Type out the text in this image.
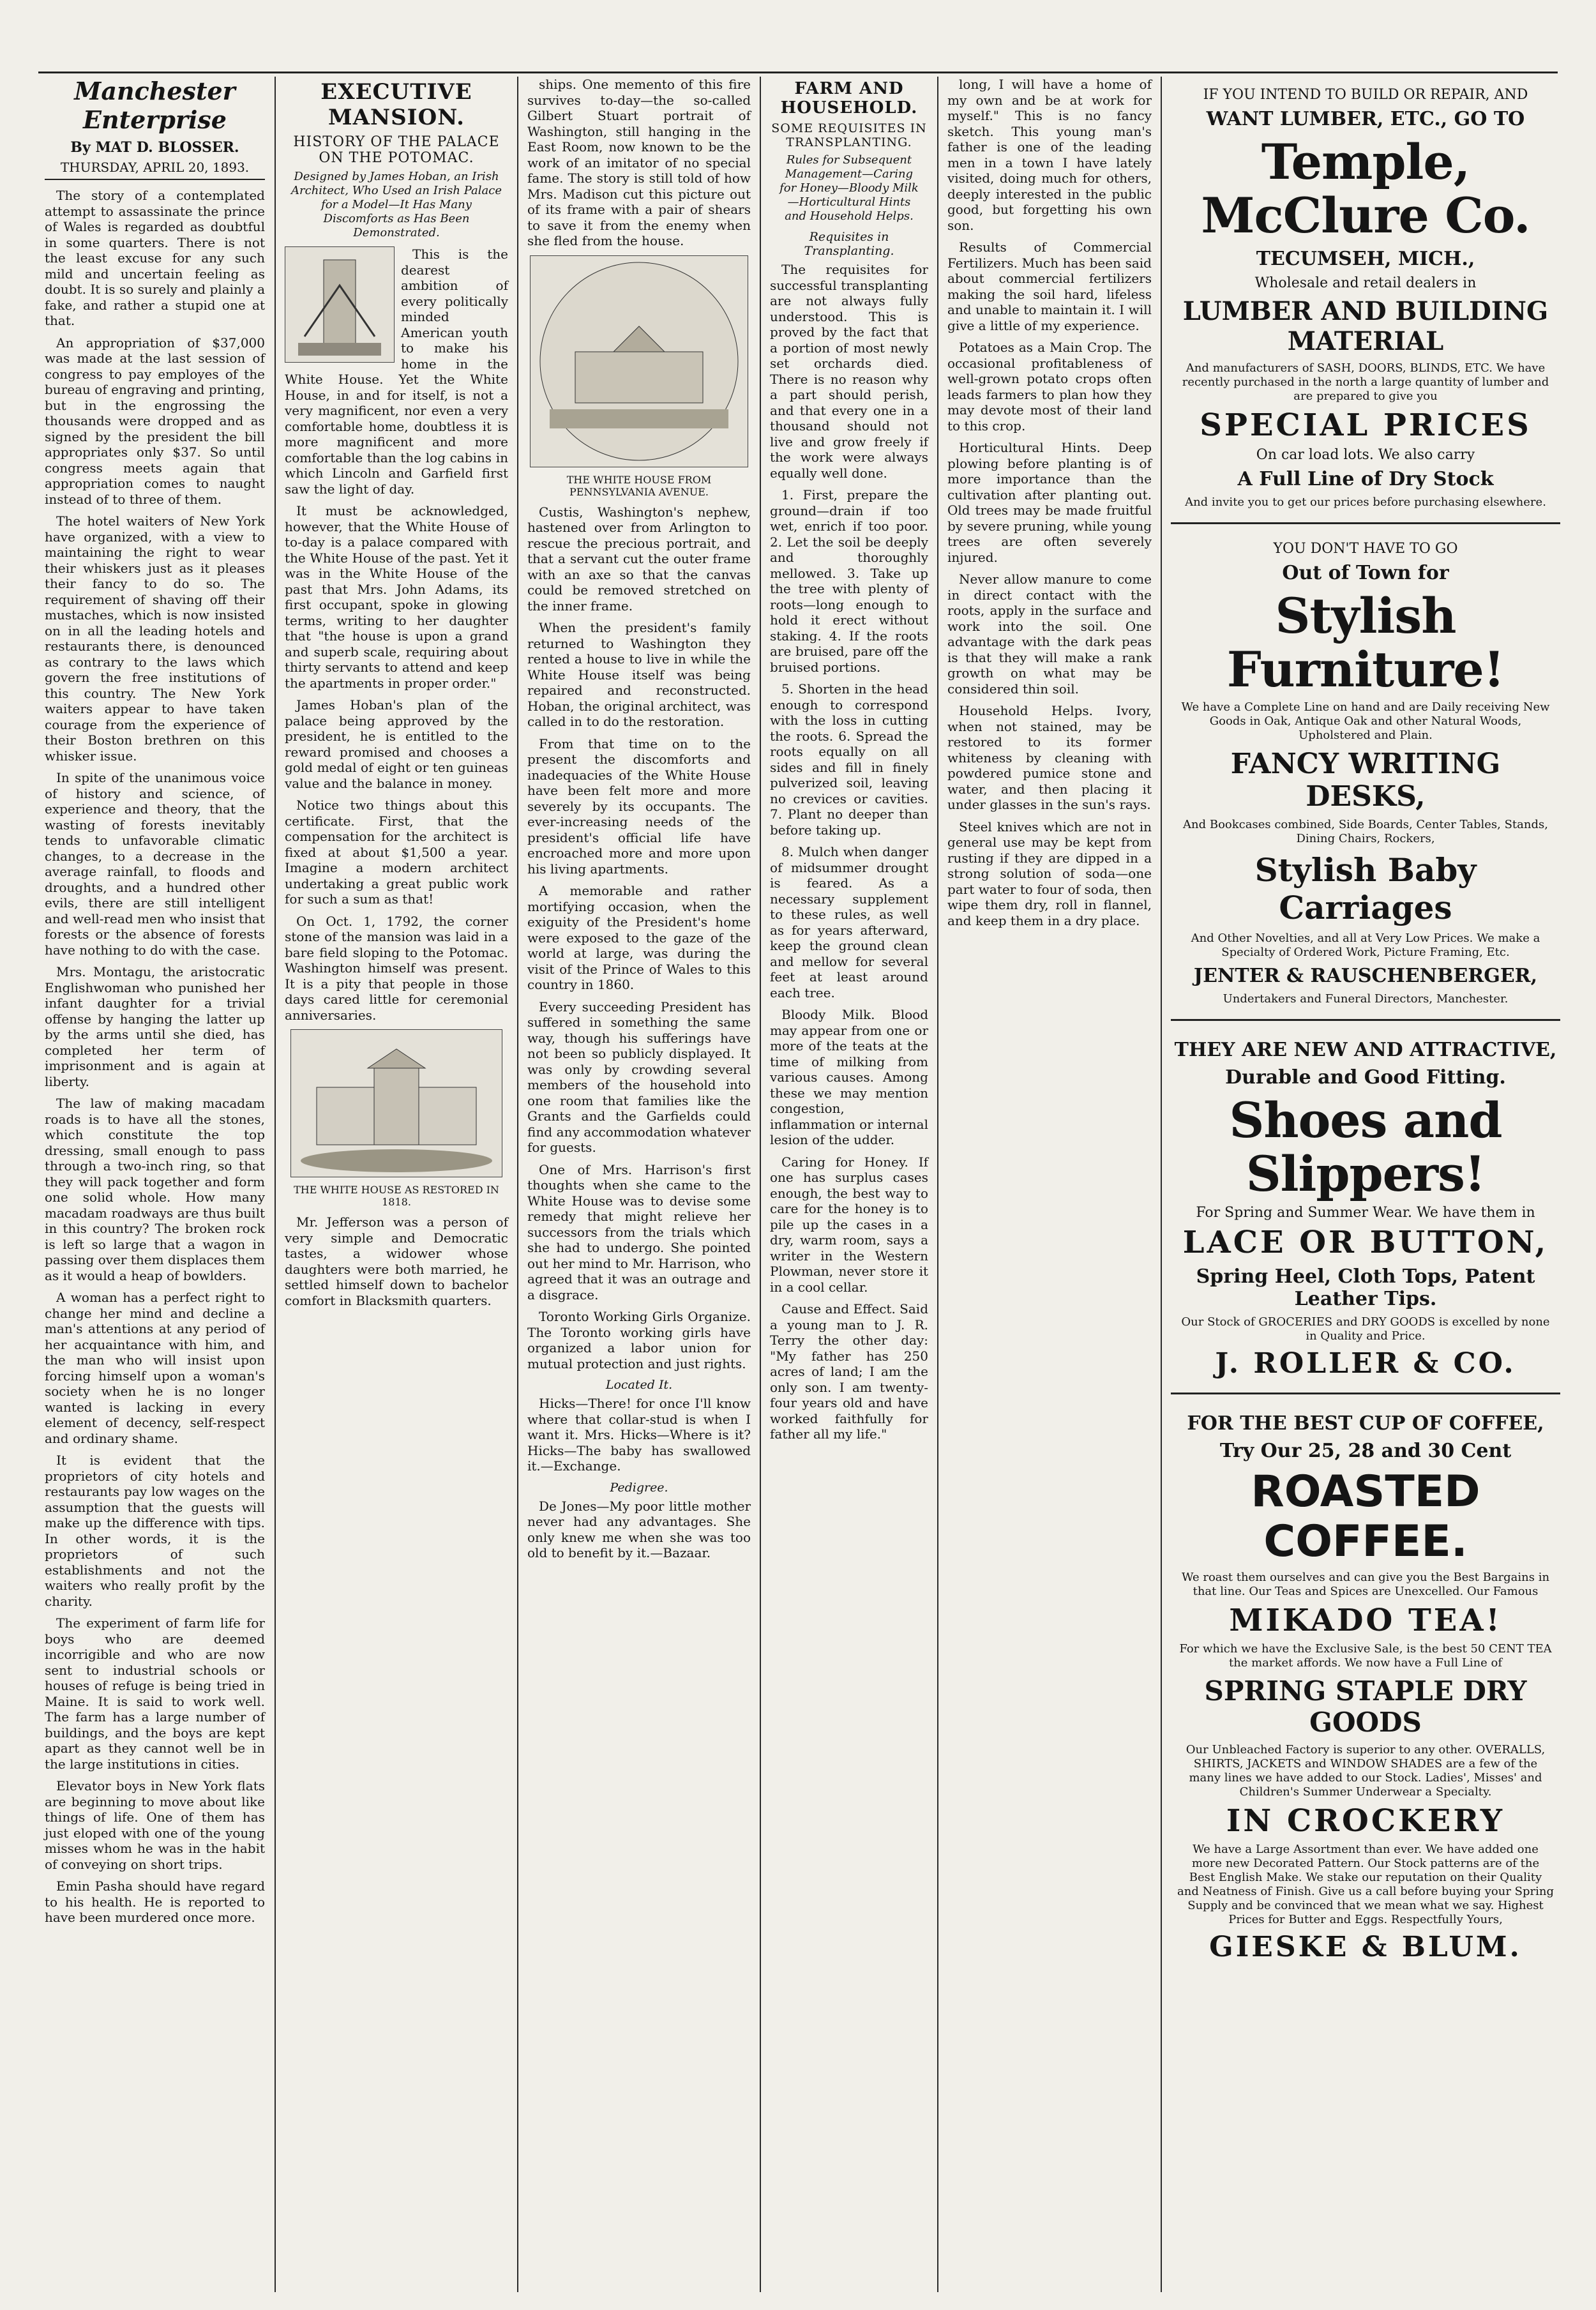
Manchester Enterprise
By MAT D. BLOSSER.
THURSDAY, APRIL 20, 1893.

The story of a contemplated attempt to assassinate the prince of Wales is regarded as doubtful in some quarters. There is not the least excuse for any such mild and uncertain feeling as doubt. It is so surely and plainly a fake, and rather a stupid one at that.

An appropriation of $37,000 was made at the last session of congress to pay employes of the bureau of engraving and printing, but in the engrossing the thousands were dropped and as signed by the president the bill appropriates only $37. So until congress meets again that appropriation comes to naught instead of to three of them.

The hotel waiters of New York have organized, with a view to maintaining the right to wear their whiskers just as it pleases their fancy to do so. The requirement of shaving off their mustaches, which is now insisted on in all the leading hotels and restaurants there, is denounced as contrary to the laws which govern the free institutions of this country. The New York waiters appear to have taken courage from the experience of their Boston brethren on this whisker issue.

In spite of the unanimous voice of history and science, of experience and theory, that the wasting of forests inevitably tends to unfavorable climatic changes, to a decrease in the average rainfall, to floods and droughts, and a hundred other evils, there are still intelligent and well-read men who insist that forests or the absence of forests have nothing to do with the case.

Mrs. Montagu, the aristocratic Englishwoman who punished her infant daughter for a trivial offense by hanging the latter up by the arms until she died, has completed her term of imprisonment and is again at liberty.

The law of making macadam roads is to have all the stones, which constitute the top dressing, small enough to pass through a two-inch ring, so that they will pack together and form one solid whole. How many macadam roadways are thus built in this country? The broken rock is left so large that a wagon in passing over them displaces them as it would a heap of bowlders.

A woman has a perfect right to change her mind and decline a man's attentions at any period of her acquaintance with him, and the man who will insist upon forcing himself upon a woman's society when he is no longer wanted is lacking in every element of decency, self-respect and ordinary shame.

It is evident that the proprietors of city hotels and restaurants pay low wages on the assumption that the guests will make up the difference with tips. In other words, it is the proprietors of such establishments and not the waiters who really profit by the charity.

The experiment of farm life for boys who are deemed incorrigible and who are now sent to industrial schools or houses of refuge is being tried in Maine. It is said to work well. The farm has a large number of buildings, and the boys are kept apart as they cannot well be in the large institutions in cities.

Elevator boys in New York flats are beginning to move about like things of life. One of them has just eloped with one of the young misses whom he was in the habit of conveying on short trips.

Emin Pasha should have regard to his health. He is reported to have been murdered once more.

EXECUTIVE MANSION.
HISTORY OF THE PALACE ON THE POTOMAC.
Designed by James Hoban, an Irish Architect, Who Used an Irish Palace for a Model—It Has Many Discomforts as Has Been Demonstrated.

This is the dearest ambition of every politically minded American youth to make his home in the White House. Yet the White House, in and for itself, is not a very magnificent, nor even a very comfortable home, doubtless it is more magnificent and more comfortable than the log cabins in which Lincoln and Garfield first saw the light of day.

It must be acknowledged, however, that the White House of to-day is a palace compared with the White House of the past. Yet it was in the White House of the past that Mrs. John Adams, its first occupant, spoke in glowing terms, writing to her daughter that "the house is upon a grand and superb scale, requiring about thirty servants to attend and keep the apartments in proper order."

James Hoban's plan of the palace being approved by the president, he is entitled to the reward promised and chooses a gold medal of eight or ten guineas value and the balance in money.

Notice two things about this certificate. First, that the compensation for the architect is fixed at about $1,500 a year. Imagine a modern architect undertaking a great public work for such a sum as that!

On Oct. 1, 1792, the corner stone of the mansion was laid in a bare field sloping to the Potomac. Washington himself was present. It is a pity that people in those days cared little for ceremonial anniversaries.

THE WHITE HOUSE AS RESTORED IN 1818.

Mr. Jefferson was a person of very simple and Democratic tastes, a widower whose daughters were both married, he settled himself down to bachelor comfort in Blacksmith quarters.

ships. One memento of this fire survives to-day—the so-called Gilbert Stuart portrait of Washington, still hanging in the East Room, now known to be the work of an imitator of no special fame. The story is still told of how Mrs. Madison cut this picture out of its frame with a pair of shears to save it from the enemy when she fled from the house.

THE WHITE HOUSE FROM PENNSYLVANIA AVENUE.

Custis, Washington's nephew, hastened over from Arlington to rescue the precious portrait, and that a servant cut the outer frame with an axe so that the canvas could be removed stretched on the inner frame.

When the president's family returned to Washington they rented a house to live in while the White House itself was being repaired and reconstructed. Hoban, the original architect, was called in to do the restoration.

From that time on to the present the discomforts and inadequacies of the White House have been felt more and more severely by its occupants. The ever-increasing needs of the president's official life have encroached more and more upon his living apartments.

A memorable and rather mortifying occasion, when the exiguity of the President's home were exposed to the gaze of the world at large, was during the visit of the Prince of Wales to this country in 1860.

Every succeeding President has suffered in something the same way, though his sufferings have not been so publicly displayed. It was only by crowding several members of the household into one room that families like the Grants and the Garfields could find any accommodation whatever for guests.

One of Mrs. Harrison's first thoughts when she came to the White House was to devise some remedy that might relieve her successors from the trials which she had to undergo. She pointed out her mind to Mr. Harrison, who agreed that it was an outrage and a disgrace.

Toronto Working Girls Organize. The Toronto working girls have organized a labor union for mutual protection and just rights.

Located It.

Hicks—There! for once I'll know where that collar-stud is when I want it. Mrs. Hicks—Where is it? Hicks—The baby has swallowed it.—Exchange.

Pedigree.

De Jones—My poor little mother never had any advantages. She only knew me when she was too old to benefit by it.—Bazaar.

FARM AND HOUSEHOLD.
SOME REQUISITES IN TRANSPLANTING.
Rules for Subsequent Management—Caring for Honey—Bloody Milk—Horticultural Hints and Household Helps.
Requisites in Transplanting.

The requisites for successful transplanting are not always fully understood. This is proved by the fact that a portion of most newly set orchards died. There is no reason why a part should perish, and that every one in a thousand should not live and grow freely if the work were always equally well done.

1. First, prepare the ground—drain if too wet, enrich if too poor. 2. Let the soil be deeply and thoroughly mellowed. 3. Take up the tree with plenty of roots—long enough to hold it erect without staking. 4. If the roots are bruised, pare off the bruised portions.

5. Shorten in the head enough to correspond with the loss in cutting the roots. 6. Spread the roots equally on all sides and fill in finely pulverized soil, leaving no crevices or cavities. 7. Plant no deeper than before taking up.

8. Mulch when danger of midsummer drought is feared. As a necessary supplement to these rules, as well as for years afterward, keep the ground clean and mellow for several feet at least around each tree.

Bloody Milk. Blood may appear from one or more of the teats at the time of milking from various causes. Among these we may mention congestion, inflammation or internal lesion of the udder.

Caring for Honey. If one has surplus cases enough, the best way to care for the honey is to pile up the cases in a dry, warm room, says a writer in the Western Plowman, never store it in a cool cellar.

Cause and Effect. Said a young man to J. R. Terry the other day: "My father has 250 acres of land; I am the only son. I am twenty-four years old and have worked faithfully for father all my life."

long, I will have a home of my own and be at work for myself." This is no fancy sketch. This young man's father is one of the leading men in a town I have lately visited, doing much for others, deeply interested in the public good, but forgetting his own son.

Results of Commercial Fertilizers. Much has been said about commercial fertilizers making the soil hard, lifeless and unable to maintain it. I will give a little of my experience.

Potatoes as a Main Crop. The occasional profitableness of well-grown potato crops often leads farmers to plan how they may devote most of their land to this crop.

Horticultural Hints. Deep plowing before planting is of more importance than the cultivation after planting out. Old trees may be made fruitful by severe pruning, while young trees are often severely injured.

Never allow manure to come in direct contact with the roots, apply in the surface and work into the soil. One advantage with the dark peas is that they will make a rank growth on what may be considered thin soil.

Household Helps. Ivory, when not stained, may be restored to its former whiteness by cleaning with powdered pumice stone and water, and then placing it under glasses in the sun's rays.

Steel knives which are not in general use may be kept from rusting if they are dipped in a strong solution of soda—one part water to four of soda, then wipe them dry, roll in flannel, and keep them in a dry place.

IF YOU INTEND TO BUILD OR REPAIR, AND
WANT LUMBER, ETC., GO TO
Temple, McClure Co.
TECUMSEH, MICH.,
Wholesale and retail dealers in
LUMBER AND BUILDING MATERIAL
And manufacturers of SASH, DOORS, BLINDS, ETC. We have recently purchased in the north a large quantity of lumber and are prepared to give you
SPECIAL PRICES
On car load lots. We also carry
A Full Line of Dry Stock
And invite you to get our prices before purchasing elsewhere.
YOU DON'T HAVE TO GO
Out of Town for
Stylish Furniture!
We have a Complete Line on hand and are Daily receiving New Goods in Oak, Antique Oak and other Natural Woods, Upholstered and Plain.
FANCY WRITING DESKS,
And Bookcases combined, Side Boards, Center Tables, Stands, Dining Chairs, Rockers,
Stylish Baby Carriages
And Other Novelties, and all at Very Low Prices. We make a Specialty of Ordered Work, Picture Framing, Etc.
JENTER & RAUSCHENBERGER,
Undertakers and Funeral Directors, Manchester.
THEY ARE NEW AND ATTRACTIVE,
Durable and Good Fitting.
Shoes and Slippers!
For Spring and Summer Wear. We have them in
LACE OR BUTTON,
Spring Heel, Cloth Tops, Patent Leather Tips.
Our Stock of GROCERIES and DRY GOODS is excelled by none in Quality and Price.
J. ROLLER & CO.
FOR THE BEST CUP OF COFFEE,
Try Our 25, 28 and 30 Cent
ROASTED COFFEE.
We roast them ourselves and can give you the Best Bargains in that line. Our Teas and Spices are Unexcelled. Our Famous
MIKADO TEA!
For which we have the Exclusive Sale, is the best 50 CENT TEA the market affords. We now have a Full Line of
SPRING STAPLE DRY GOODS
Our Unbleached Factory is superior to any other. OVERALLS, SHIRTS, JACKETS and WINDOW SHADES are a few of the many lines we have added to our Stock. Ladies', Misses' and Children's Summer Underwear a Specialty.
IN CROCKERY
We have a Large Assortment than ever. We have added one more new Decorated Pattern. Our Stock patterns are of the Best English Make. We stake our reputation on their Quality and Neatness of Finish. Give us a call before buying your Spring Supply and be convinced that we mean what we say. Highest Prices for Butter and Eggs. Respectfully Yours,
GIESKE & BLUM.
